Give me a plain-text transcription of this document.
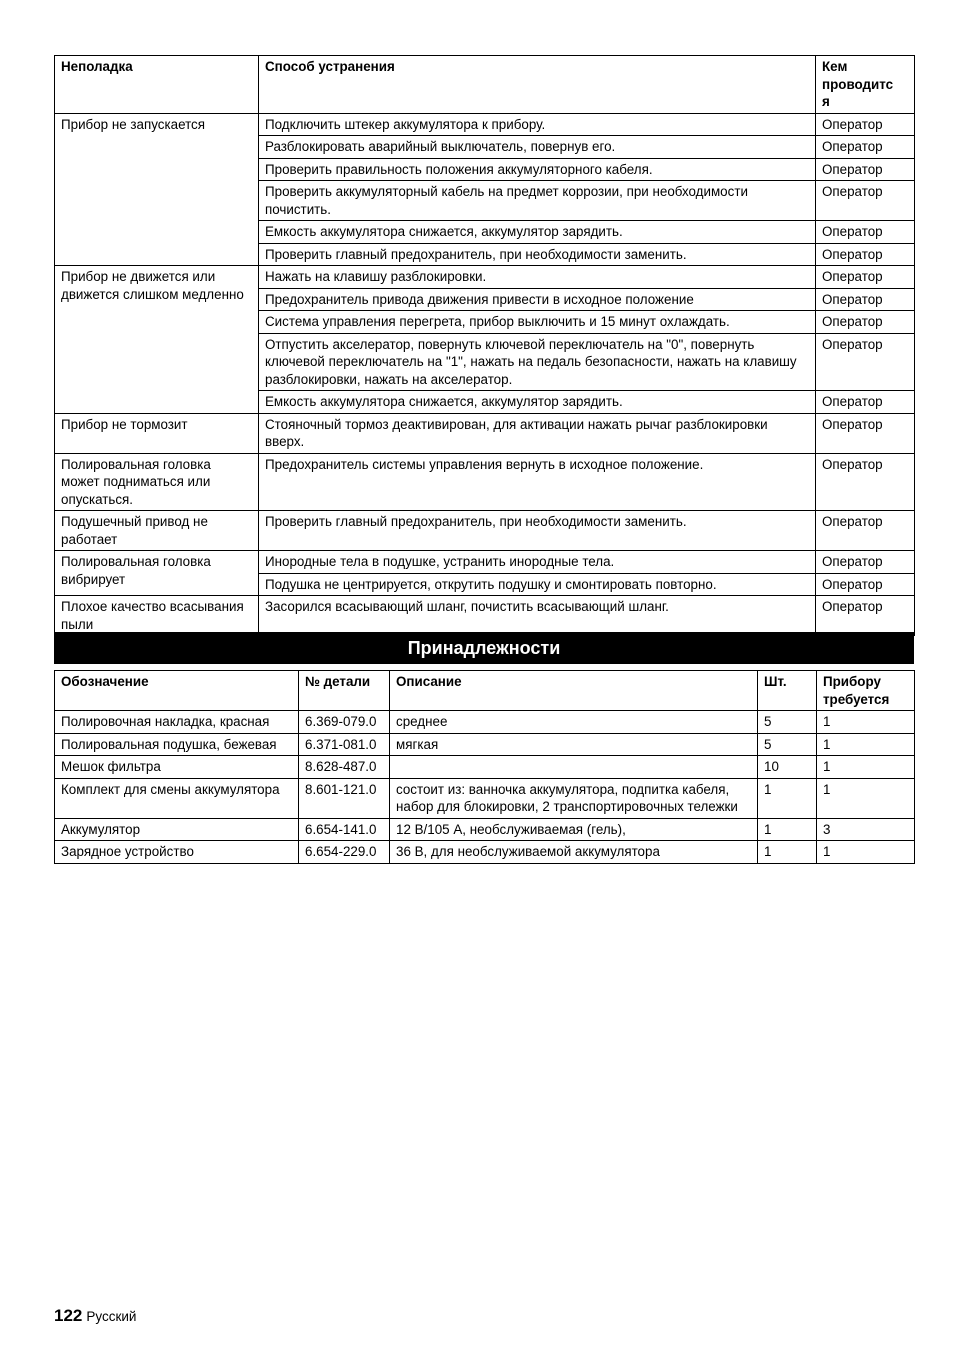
Неполадка	Способ устранения	Кем
проводитс
я
Прибор не запускается	Подключить штекер аккумулятора к прибору.	Оператор
	Разблокировать аварийный выключатель, повернув его.	Оператор
	Проверить правильность положения аккумуляторного кабеля.	Оператор
	Проверить аккумуляторный кабель на предмет коррозии, при необходимости почистить.	Оператор
	Емкость аккумулятора снижается, аккумулятор зарядить.	Оператор
	Проверить главный предохранитель, при необходимости заменить.	Оператор
Прибор не движется или движется слишком медленно	Нажать на клавишу разблокировки.	Оператор
	Предохранитель привода движения привести в исходное положение	Оператор
	Система управления перегрета, прибор выключить и 15 минут охлаждать.	Оператор
	Отпустить акселератор, повернуть ключевой переключатель на "0", повернуть ключевой переключатель на "1", нажать на педаль безопасности, нажать на клавишу разблокировки, нажать на акселератор.	Оператор
	Емкость аккумулятора снижается, аккумулятор зарядить.	Оператор
Прибор не тормозит	Стояночный тормоз деактивирован, для активации нажать рычаг разблокировки вверх.	Оператор
Полировальная головка может подниматься или опускаться.	Предохранитель системы управления вернуть в исходное положение.	Оператор
Подушечный привод не работает	Проверить главный предохранитель, при необходимости заменить.	Оператор
Полировальная головка вибрирует	Инородные тела в подушке, устранить инородные тела.	Оператор
	Подушка не центрируется, открутить подушку и смонтировать повторно.	Оператор
Плохое качество всасывания пыли	Засорился всасывающий шланг, почистить всасывающий шланг.	Оператор
Принадлежности
Обозначение	№ детали	Описание	Шт.	Прибору требуется
Полировочная накладка, красная	6.369-079.0	среднее	5	1
Полировальная подушка, бежевая	6.371-081.0	мягкая	5	1
Мешок фильтра	8.628-487.0		10	1
Комплект для смены аккумулятора	8.601-121.0	состоит из: ванночка аккумулятора, подпитка кабеля, набор для блокировки, 2 транспортировочных тележки	1	1
Аккумулятор	6.654-141.0	12 В/105 А, необслуживаемая (гель),	1	3
Зарядное устройство	6.654-229.0	36 В, для необслуживаемой аккумулятора	1	1
122 Pусский
